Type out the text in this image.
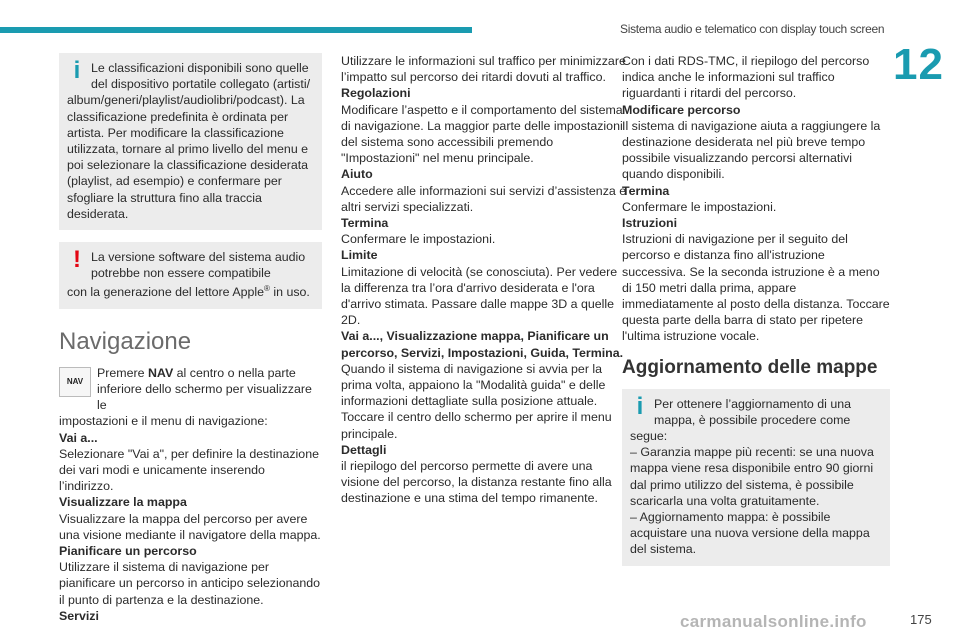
Sistema audio e telematico con display touch screen
12
i Le classificazioni disponibili sono quelle del dispositivo portatile collegato (artisti/
album/generi/playlist/audiolibri/podcast). La classificazione predefinita è ordinata per artista. Per modificare la classificazione utilizzata, tornare al primo livello del menu e poi selezionare la classificazione desiderata (playlist, ad esempio) e confermare per sfogliare la struttura fino alla traccia desiderata.
! La versione software del sistema audio potrebbe non essere compatibile
con la generazione del lettore Apple® in uso.
Navigazione
NAV
Premere NAV al centro o nella parte inferiore dello schermo per visualizzare le

impostazioni e il menu di navigazione:

Vai a...

Selezionare "Vai a", per definire la destinazione dei vari modi e unicamente inserendo l’indirizzo.

Visualizzare la mappa

Visualizzare la mappa del percorso per avere una visione mediante il navigatore della mappa.

Pianificare un percorso

Utilizzare il sistema di navigazione per pianificare un percorso in anticipo selezionando il punto di partenza e la destinazione.

Servizi

Utilizzare le informazioni sul traffico per minimizzare l’impatto sul percorso dei ritardi dovuti al traffico.

Regolazioni

Modificare l’aspetto e il comportamento del sistema di navigazione. La maggior parte delle impostazioni del sistema sono accessibili premendo "Impostazioni" nel menu principale.

Aiuto

Accedere alle informazioni sui servizi d’assistenza e altri servizi specializzati.

Termina

Confermare le impostazioni.

Limite

Limitazione di velocità (se conosciuta). Per vedere la differenza tra l’ora d'arrivo desiderata e l'ora d'arrivo stimata. Passare dalle mappe 3D a quelle 2D.

Vai a..., Visualizzazione mappa, Pianificare un percorso, Servizi, Impostazioni, Guida, Termina.

Quando il sistema di navigazione si avvia per la prima volta, appaiono la "Modalità guida" e delle informazioni dettagliate sulla posizione attuale. Toccare il centro dello schermo per aprire il menu principale.

Dettagli

il riepilogo del percorso permette di avere una visione del percorso, la distanza restante fino alla destinazione e una stima del tempo rimanente.

Con i dati RDS-TMC, il riepilogo del percorso indica anche le informazioni sul traffico riguardanti i ritardi del percorso.

Modificare percorso

Il sistema di navigazione aiuta a raggiungere la destinazione desiderata nel più breve tempo possibile visualizzando percorsi alternativi quando disponibili.

Termina

Confermare le impostazioni.

Istruzioni

Istruzioni di navigazione per il seguito del percorso e distanza fino all'istruzione successiva. Se la seconda istruzione è a meno di 150 metri dalla prima, appare immediatamente al posto della distanza. Toccare questa parte della barra di stato per ripetere l'ultima istruzione vocale.

Aggiornamento delle mappe
i Per ottenere l’aggiornamento di una mappa, è possibile procedere come

segue:

– Garanzia mappe più recenti: se una nuova mappa viene resa disponibile entro 90 giorni dal primo utilizzo del sistema, è possibile scaricarla una volta gratuitamente.

– Aggiornamento mappa: è possibile acquistare una nuova versione della mappa del sistema.

carmanualsonline.info	175
